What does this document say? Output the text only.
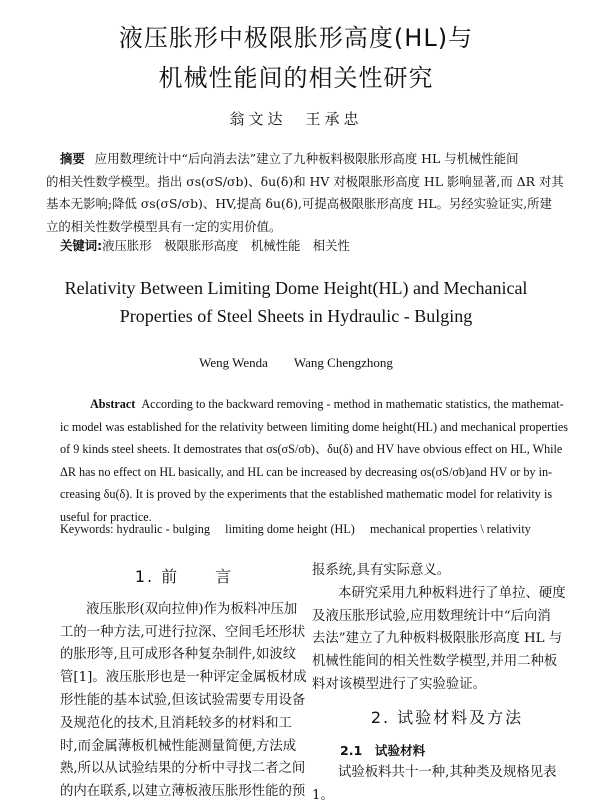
液压胀形中极限胀形高度(HL)与
机械性能间的相关性研究
翁文达　王承忠
摘要 应用数理统计中“后向消去法”建立了九种板料极限胀形高度 HL 与机械性能间
的相关性数学模型。指出 σs(σS/σb)、δu(δ)和 HV 对极限胀形高度 HL 影响显著,而 ΔR 对其
基本无影响;降低 σs(σS/σb)、HV,提高 δu(δ),可提高极限胀形高度 HL。另经实验证实,所建
立的相关性数学模型具有一定的实用价值。
关键词:液压胀形　极限胀形高度　机械性能　相关性
Relativity Between Limiting Dome Height(HL) and Mechanical
Properties of Steel Sheets in Hydraulic - Bulging
Weng Wenda　　Wang Chengzhong
Abstract According to the backward removing - method in mathematic statistics, the mathemat-
ic model was established for the relativity between limiting dome height(HL) and mechanical properties
of 9 kinds steel sheets. It demostrates that σs(σS/σb)、δu(δ) and HV have obvious effect on HL, While
ΔR has no effect on HL basically, and HL can be increased by decreasing σs(σS/σb)and HV or by in-
creasing δu(δ). It is proved by the experiments that the established mathematic model for relativity is
useful for practice.
Keywords: hydraulic - bulging　 limiting dome height (HL)　 mechanical properties \ relativity
1. 前　　言
液压胀形(双向拉伸)作为板料冲压加
工的一种方法,可进行拉深、空间毛坯形状
的胀形等,且可成形各种复杂制件,如波纹
管[1]。液压胀形也是一种评定金属板材成
形性能的基本试验,但该试验需要专用设备
及规范化的技术,且消耗较多的材料和工
时,而金属薄板机械性能测量简便,方法成
熟,所以从试验结果的分析中寻找二者之间
的内在联系,以建立薄板液压胀形性能的预
报系统,具有实际意义。
本研究采用九种板料进行了单拉、硬度
及液压胀形试验,应用数理统计中“后向消
去法”建立了九种板料极限胀形高度 HL 与
机械性能间的相关性数学模型,并用二种板
料对该模型进行了实验验证。
2. 试验材料及方法
2.1　试验材料
试验板料共十一种,其种类及规格见表
1。
